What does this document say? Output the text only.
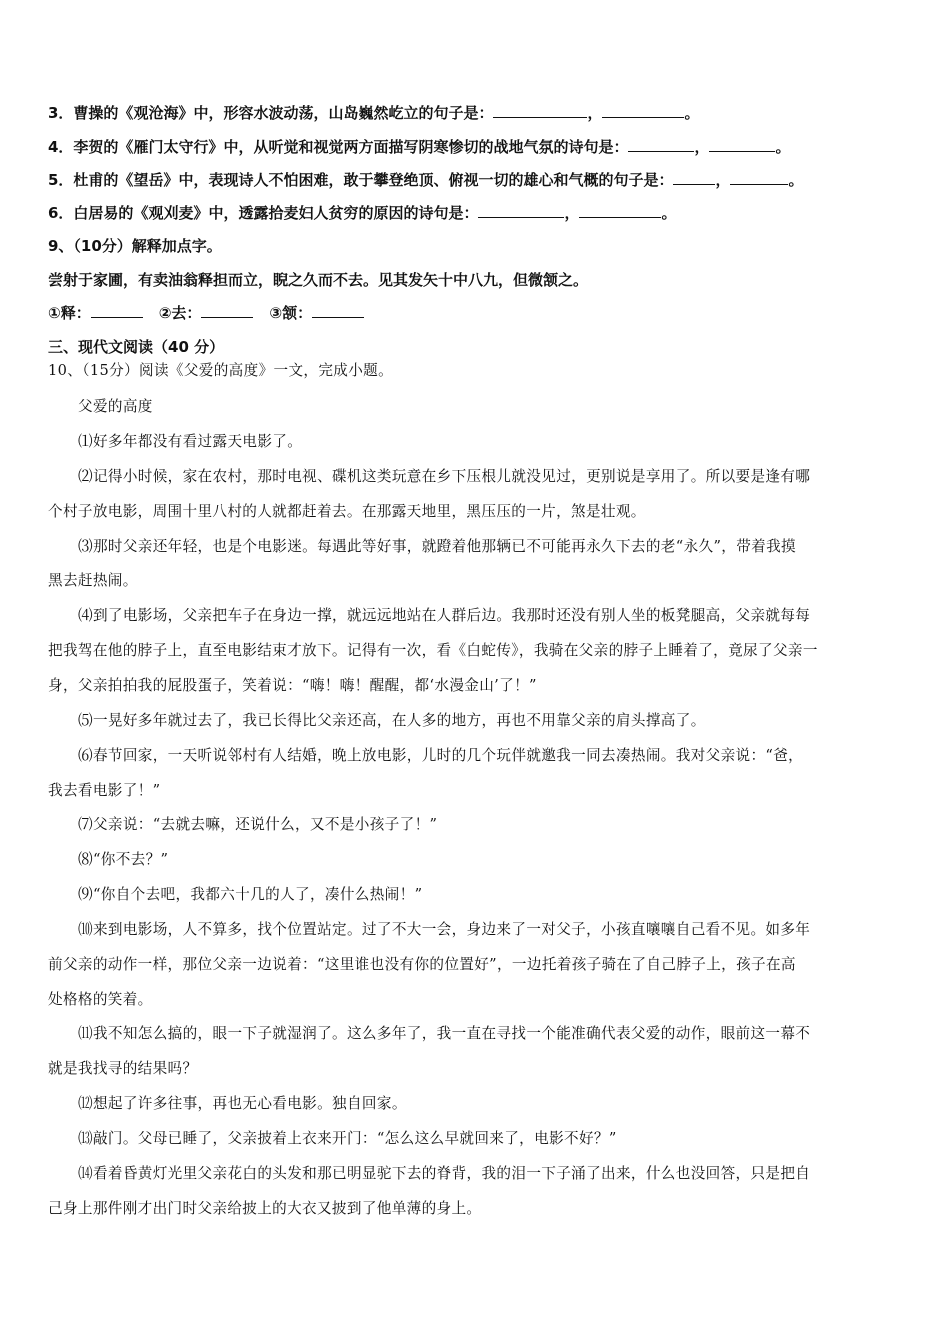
3．曹操的《观沧海》中，形容水波动荡，山岛巍然屹立的句子是：	，	。
4．李贺的《雁门太守行》中，从听觉和视觉两方面描写阴寒惨切的战地气氛的诗句是：	，	。
5．杜甫的《望岳》中，表现诗人不怕困难，敢于攀登绝顶、俯视一切的雄心和气概的句子是：	，	。
6．白居易的《观刈麦》中，透露拾麦妇人贫穷的原因的诗句是：	，	。
9、（10分）解释加点字。
尝射于家圃，有卖油翁释担而立，睨之久而不去。见其发矢十中八九，但微颔之。
①释：	②去：	③颔：
三、现代文阅读（40 分）
10、（15分）阅读《父爱的高度》一文，完成小题。
父爱的高度
⑴好多年都没有看过露天电影了。
⑵记得小时候，家在农村，那时电视、碟机这类玩意在乡下压根儿就没见过，更别说是享用了。所以要是逢有哪
个村子放电影，周围十里八村的人就都赶着去。在那露天地里，黑压压的一片，煞是壮观。
⑶那时父亲还年轻，也是个电影迷。每遇此等好事，就蹬着他那辆已不可能再永久下去的老“永久”，带着我摸
黑去赶热闹。
⑷到了电影场，父亲把车子在身边一撑，就远远地站在人群后边。我那时还没有别人坐的板凳腿高，父亲就每每
把我驾在他的脖子上，直至电影结束才放下。记得有一次，看《白蛇传》，我骑在父亲的脖子上睡着了，竟尿了父亲一
身，父亲拍拍我的屁股蛋子，笑着说：“嗨！嗨！醒醒，都‘水漫金山’了！”
⑸一晃好多年就过去了，我已长得比父亲还高，在人多的地方，再也不用靠父亲的肩头撑高了。
⑹春节回家，一天听说邻村有人结婚，晚上放电影，儿时的几个玩伴就邀我一同去凑热闹。我对父亲说：“爸，
我去看电影了！”
⑺父亲说：“去就去嘛，还说什么，又不是小孩子了！”
⑻“你不去？”
⑼“你自个去吧，我都六十几的人了，凑什么热闹！”
⑽来到电影场，人不算多，找个位置站定。过了不大一会，身边来了一对父子，小孩直嚷嚷自己看不见。如多年
前父亲的动作一样，那位父亲一边说着：“这里谁也没有你的位置好”，一边托着孩子骑在了自己脖子上，孩子在高
处格格的笑着。
⑾我不知怎么搞的，眼一下子就湿润了。这么多年了，我一直在寻找一个能准确代表父爱的动作，眼前这一幕不
就是我找寻的结果吗？
⑿想起了许多往事，再也无心看电影。独自回家。
⒀敲门。父母已睡了，父亲披着上衣来开门：“怎么这么早就回来了，电影不好？”
⒁看着昏黄灯光里父亲花白的头发和那已明显驼下去的脊背，我的泪一下子涌了出来，什么也没回答，只是把自
己身上那件刚才出门时父亲给披上的大衣又披到了他单薄的身上。
